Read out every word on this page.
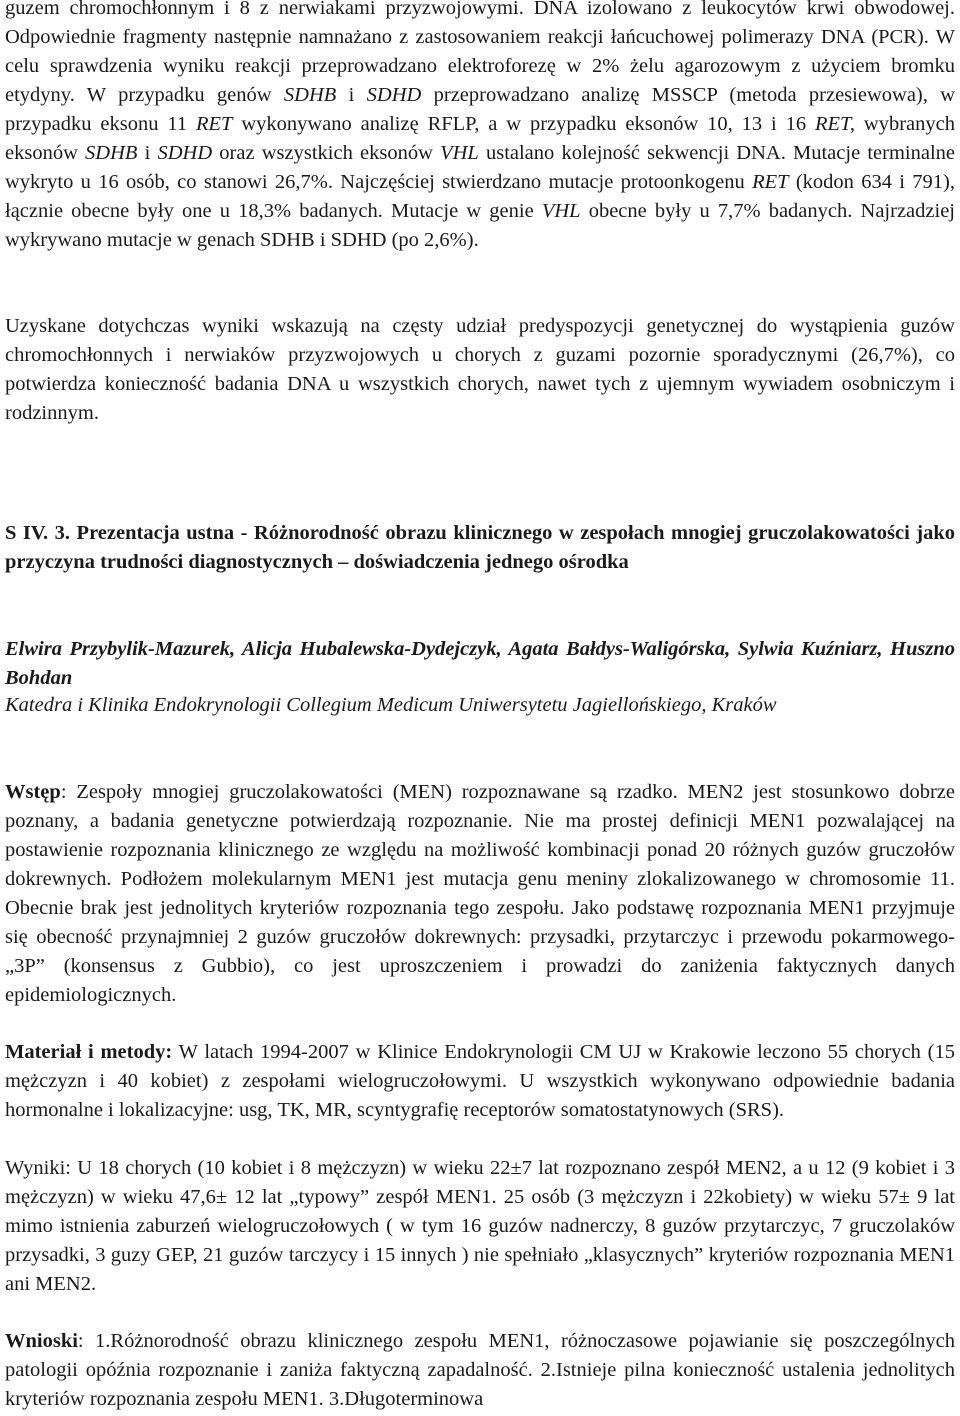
guzem chromochłonnym i 8 z nerwiakami przyzwojowymi. DNA izolowano z leukocytów krwi obwodowej. Odpowiednie fragmenty następnie namnażano z zastosowaniem reakcji łańcuchowej polimerazy DNA (PCR). W celu sprawdzenia wyniku reakcji przeprowadzano elektroforezę w 2% żelu agarozowym z użyciem bromku etydyny. W przypadku genów SDHB i SDHD przeprowadzano analizę MSSCP (metoda przesiewowa), w przypadku eksonu 11 RET wykonywano analizę RFLP, a w przypadku eksonów 10, 13 i 16 RET, wybranych eksonów SDHB i SDHD oraz wszystkich eksonów VHL ustalano kolejność sekwencji DNA. Mutacje terminalne wykryto u 16 osób, co stanowi 26,7%. Najczęściej stwierdzano mutacje protoonkogenu RET (kodon 634 i 791), łącznie obecne były one u 18,3% badanych. Mutacje w genie VHL obecne były u 7,7% badanych. Najrzadziej wykrywano mutacje w genach SDHB i SDHD (po 2,6%).

Uzyskane dotychczas wyniki wskazują na częsty udział predyspozycji genetycznej do wystąpienia guzów chromochłonnych i nerwiaków przyzwojowych u chorych z guzami pozornie sporadycznymi (26,7%), co potwierdza konieczność badania DNA u wszystkich chorych, nawet tych z ujemnym wywiadem osobniczym i rodzinnym.

S IV. 3. Prezentacja ustna - Różnorodność obrazu klinicznego w zespołach mnogiej gruczolakowatości jako przyczyna trudności diagnostycznych – doświadczenia jednego ośrodka

Elwira Przybylik-Mazurek, Alicja Hubalewska-Dydejczyk, Agata Bałdys-Waligórska, Sylwia Kuźniarz, Huszno Bohdan

Katedra i Klinika Endokrynologii Collegium Medicum Uniwersytetu Jagiellońskiego, Kraków

Wstęp: Zespoły mnogiej gruczolakowatości (MEN) rozpoznawane są rzadko. MEN2 jest stosunkowo dobrze poznany, a badania genetyczne potwierdzają rozpoznanie. Nie ma prostej definicji MEN1 pozwalającej na postawienie rozpoznania klinicznego ze względu na możliwość kombinacji ponad 20 różnych guzów gruczołów dokrewnych. Podłożem molekularnym MEN1 jest mutacja genu meniny zlokalizowanego w chromosomie 11. Obecnie brak jest jednolitych kryteriów rozpoznania tego zespołu. Jako podstawę rozpoznania MEN1 przyjmuje się obecność przynajmniej 2 guzów gruczołów dokrewnych: przysadki, przytarczyc i przewodu pokarmowego-„3P” (konsensus z Gubbio), co jest uproszczeniem i prowadzi do zaniżenia faktycznych danych epidemiologicznych.

Materiał i metody: W latach 1994-2007 w Klinice Endokrynologii CM UJ w Krakowie leczono 55 chorych (15 mężczyzn i 40 kobiet) z zespołami wielogruczołowymi. U wszystkich wykonywano odpowiednie badania hormonalne i lokalizacyjne: usg, TK, MR, scyntygrafię receptorów somatostatynowych (SRS).

Wyniki: U 18 chorych (10 kobiet i 8 mężczyzn) w wieku 22±7 lat rozpoznano zespół MEN2, a u 12 (9 kobiet i 3 mężczyzn) w wieku 47,6± 12 lat „typowy” zespół MEN1. 25 osób (3 mężczyzn i 22kobiety) w wieku 57± 9 lat mimo istnienia zaburzeń wielogruczołowych ( w tym 16 guzów nadnerczy, 8 guzów przytarczyc, 7 gruczolaków przysadki, 3 guzy GEP, 21 guzów tarczycy i 15 innych ) nie spełniało „klasycznych” kryteriów rozpoznania MEN1 ani MEN2.

Wnioski: 1.Różnorodność obrazu klinicznego zespołu MEN1, różnoczasowe pojawianie się poszczególnych patologii opóźnia rozpoznanie i zaniża faktyczną zapadalność. 2.Istnieje pilna konieczność ustalenia jednolitych kryteriów rozpoznania zespołu MEN1. 3.Długoterminowa
